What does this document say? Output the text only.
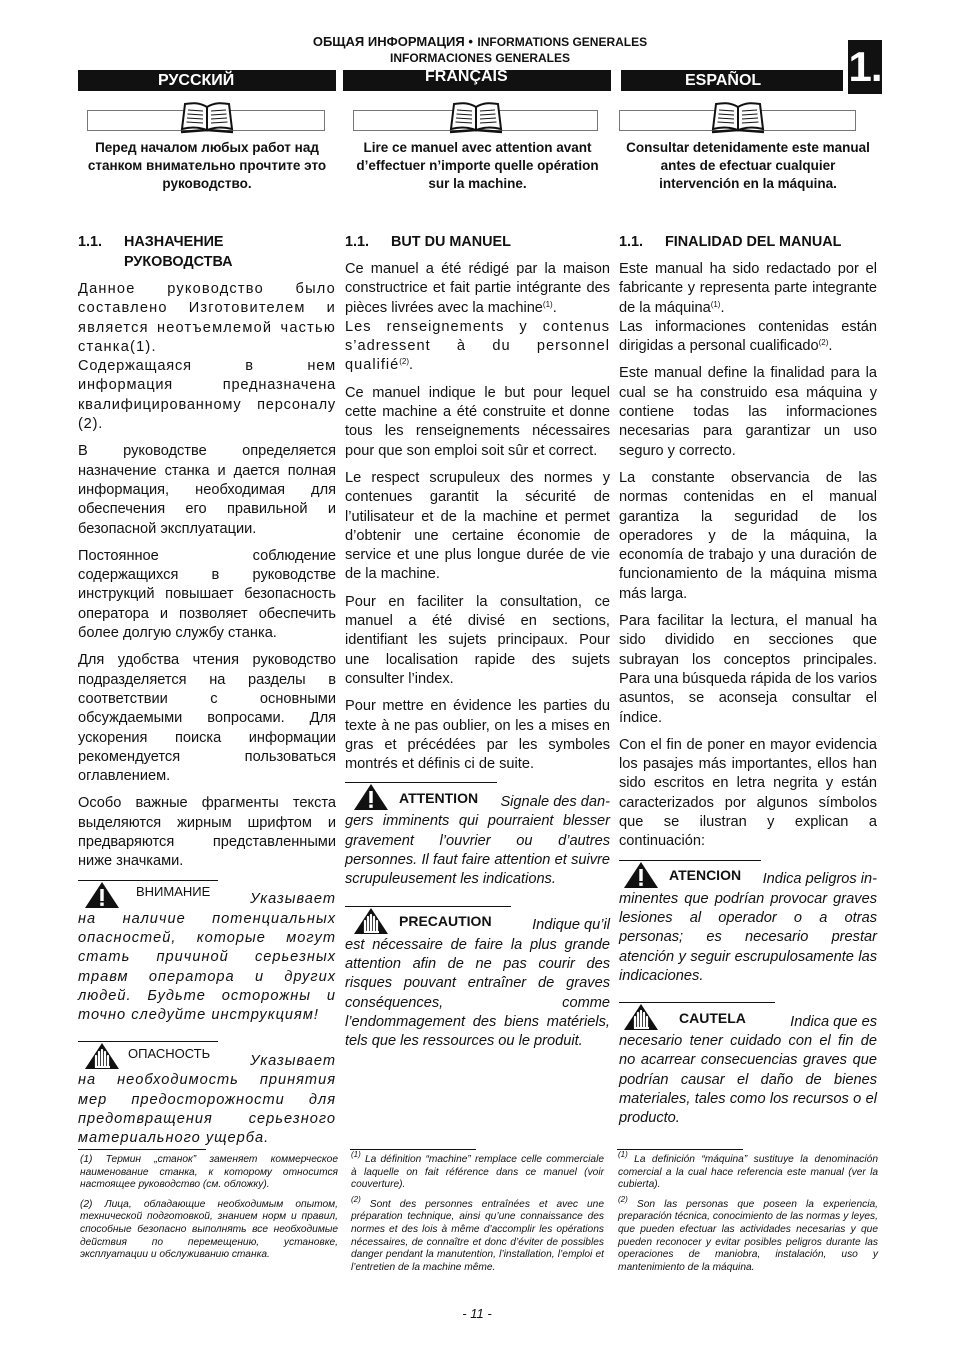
ОБЩАЯ ИНФОРМАЦИЯ • INFORMATIONS GENERALES
INFORMACIONES GENERALES	1.
РУССКИЙ	FRANÇAIS	ESPAÑOL
Перед началом любых работ над станком внимательно прочтите это руководство.
Lire ce manuel avec attention avant d’effectuer n’importe quelle opération sur la machine.
Consultar detenidamente este manual antes de efectuar cualquier intervención en la máquina.
1.1.	НАЗНАЧЕНИЕ РУКОВОДСТВА

Данное руководство было составлено Изготовителем и является неотъемлемой частью станка(1).
Содержащаяся в нем информация предназначена квалифицированному персоналу (2).

В руководстве определяется назначение станка и дается полная информация, необходимая для обеспечения его правильной и безопасной эксплуатации.

Постоянное соблюдение содержащихся в руководстве инструкций повышает безопасность оператора и позволяет обеспечить более долгую службу станка.

Для удобства чтения руководство подразделяется на разделы в соответствии с основными обсуждаемыми вопросами. Для ускорения поиска информации рекомендуется пользоваться оглавлением.

Особо важные фрагменты текста выделяются жирным шрифтом и предваряются представленными ниже значками.

ВНИМАНИЕ	Указывает
на наличие потенциальных опасностей, которые могут стать причиной серьезных травм оператора и других людей. Будьте осторожны и точно следуйте инструкциям!
ОПАСНОСТЬ	Указывает
на необходимость принятия мер предосторожности для предотвращения серьезного материального ущерба.
1.1.	BUT DU MANUEL

Ce manuel a été rédigé par la maison constructrice et fait partie intégrante des pièces livrées avec la machine$^{(1)}$.
Les renseignements y contenus s’adressent à du personnel qualifié$^{(2)}$.

Ce manuel indique le but pour lequel cette machine a été construite et donne tous les renseignements nécessaires pour que son emploi soit sûr et correct.

Le respect scrupuleux des normes y contenues garantit la sécurité de l’utilisateur et de la machine et permet d’obtenir une certaine économie de service et une plus longue durée de vie de la machine.

Pour en faciliter la consultation, ce manuel a été divisé en sections, identifiant les sujets principaux. Pour une localisation rapide des sujets consulter l’index.

Pour mettre en évidence les parties du texte à ne pas oublier, on les a mises en gras et précédées par les symboles montrés et définis ci de suite.

ATTENTION Signale des dan-
gers imminents qui pourraient blesser gravement l’ouvrier ou d’autres personnes. Il faut faire attention et suivre scrupuleusement les indications.
PRECAUTION	Indique qu’il
est nécessaire de faire la plus grande attention afin de ne pas courir des risques pouvant entraîner de graves conséquences, comme l’endommagement des biens matériels, tels que les ressources ou le produit.
1.1.	FINALIDAD DEL MANUAL

Este manual ha sido redactado por el fabricante y representa parte integrante de la máquina$^{(1)}$.
Las informaciones contenidas están dirigidas a personal cualificado$^{(2)}$.

Este manual define la finalidad para la cual se ha construido esa máquina y contiene todas las informaciones necesarias para garantizar un uso seguro y correcto.

La constante observancia de las normas contenidas en el manual garantiza la seguridad de los operadores y de la máquina, la economía de trabajo y una duración de funcionamiento de la máquina misma más larga.

Para facilitar la lectura, el manual ha sido dividido en secciones que subrayan los conceptos principales. Para una búsqueda rápida de los varios asuntos, se aconseja consultar el índice.

Con el fin de poner en mayor evidencia los pasajes más importantes, ellos han sido escritos en letra negrita y están caracterizados por algunos símbolos que se ilustran y explican a continuación:

ATENCION Indica peligros in-
minentes que podrían provocar graves lesiones al operador o a otras personas; es necesario prestar atención y seguir escrupulosamente las indicaciones.
CAUTELA	Indica que es
necesario tener cuidado con el fin de no acarrear consecuencias graves que podrían causar el daño de bienes materiales, tales como los recursos o el producto.

(1) Термин „станок” заменяет коммерческое наименование станка, к которому относится настоящее руководство (см. обложку).

(2) Лица, обладающие необходимым опытом, технической подготовкой, знанием норм и правил, способные безопасно выполнять все необходимые действия по перемещению, установке, эксплуатации и обслуживанию станка.

$^{(1)}$ La définition “machine” remplace celle commerciale à laquelle on fait référence dans ce manuel (voir couverture).

$^{(2)}$ Sont des personnes entraînées et avec une préparation technique, ainsi qu’une connaissance des normes et des lois à même d’accomplir les opérations nécessaires, de connaître et donc d’éviter de possibles danger pendant la manutention, l’installation, l’emploi et l’entretien de la machine même.

$^{(1)}$ La definición “máquina” sustituye la denominación comercial a la cual hace referencia este manual (ver la cubierta).

$^{(2)}$ Son las personas que poseen la experiencia, preparación técnica, conocimiento de las normas y leyes, que pueden efectuar las actividades necesarias y que pueden reconocer y evitar posibles peligros durante las operaciones de maniobra, instalación, uso y mantenimiento de la máquina.

- 11 -
